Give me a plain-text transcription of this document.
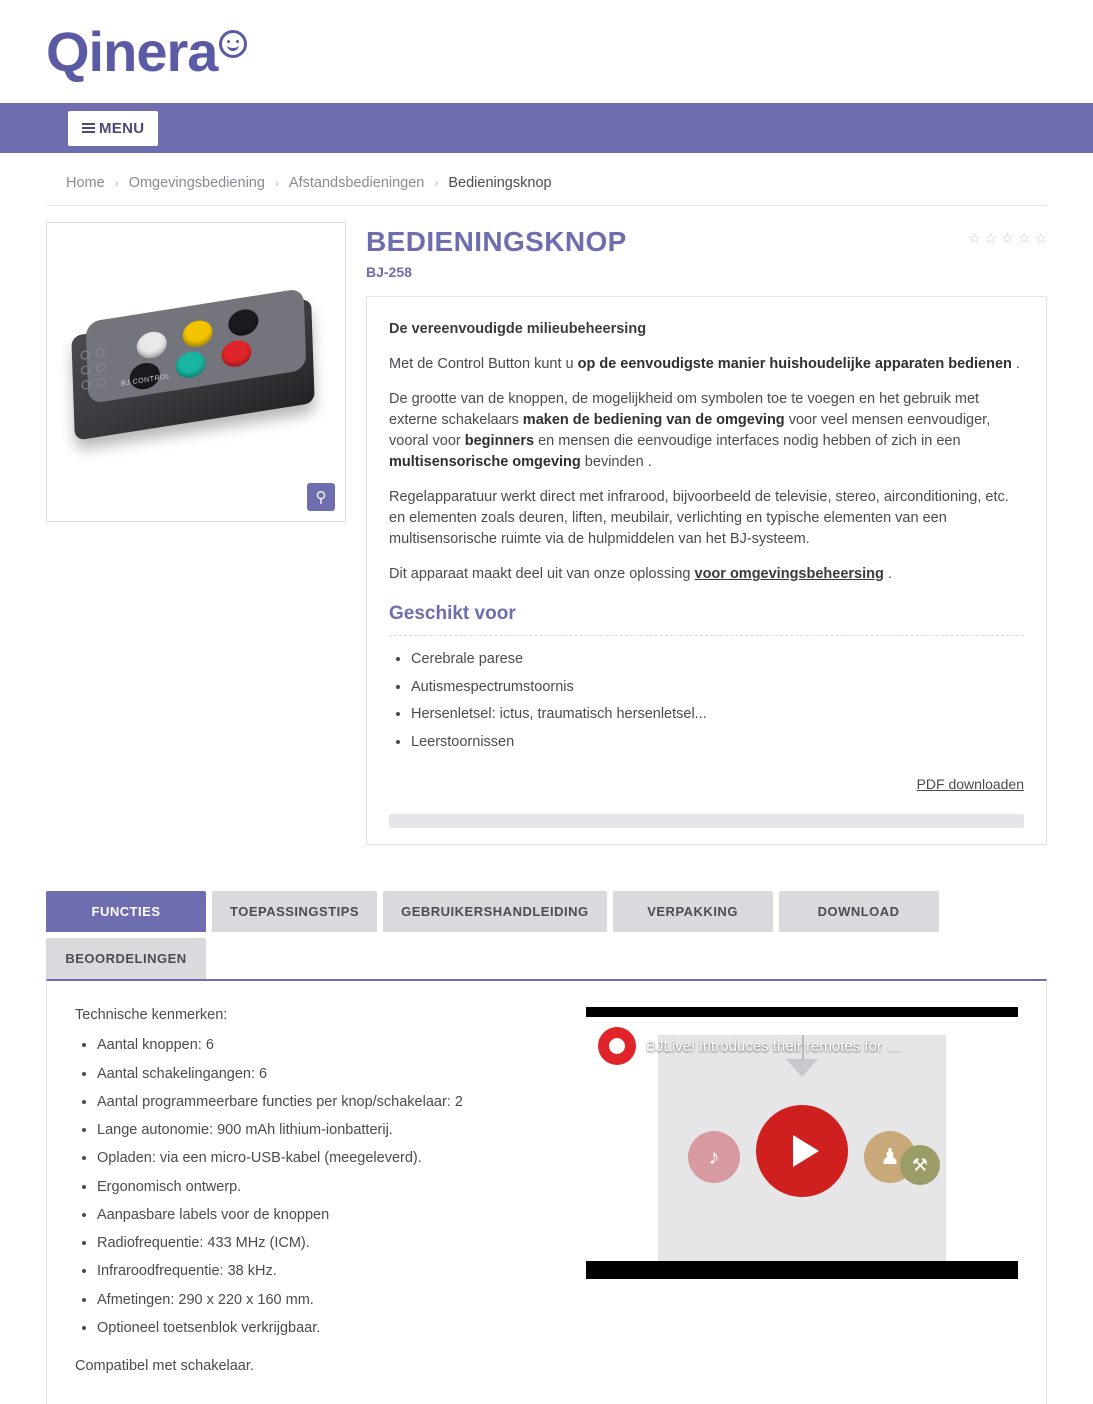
Qinera
MENU
Home › Omgevingsbediening › Afstandsbedieningen › Bedieningsknop
BJ CONTROL
⚲
BEDIENINGSKNOP
BJ-258
☆ ☆ ☆ ☆ ☆

De vereenvoudigde milieubeheersing

Met de Control Button kunt u op de eenvoudigste manier huishoudelijke apparaten bedienen .

De grootte van de knoppen, de mogelijkheid om symbolen toe te voegen en het gebruik met externe schakelaars maken de bediening van de omgeving voor veel mensen eenvoudiger, vooral voor beginners en mensen die eenvoudige interfaces nodig hebben of zich in een multisensorische omgeving bevinden .

Regelapparatuur werkt direct met infrarood, bijvoorbeeld de televisie, stereo, airconditioning, etc. en elementen zoals deuren, liften, meubilair, verlichting en typische elementen van een multisensorische ruimte via de hulpmiddelen van het BJ-systeem.

Dit apparaat maakt deel uit van onze oplossing voor omgevingsbeheersing .

Geschikt voor
• Cerebrale parese
• Autismespectrumstoornis
• Hersenletsel: ictus, traumatisch hersenletsel...
• Leerstoornissen
PDF downloaden
FUNCTIES	TOEPASSINGSTIPS	GEBRUIKERSHANDLEIDING	VERPAKKING	DOWNLOAD
BEOORDELINGEN

Technische kenmerken:

• Aantal knoppen: 6
• Aantal schakelingangen: 6
• Aantal programmeerbare functies per knop/schakelaar: 2
• Lange autonomie: 900 mAh lithium-ionbatterij.
• Opladen: via een micro-USB-kabel (meegeleverd).
• Ergonomisch ontwerp.
• Aanpasbare labels voor de knoppen
• Radiofrequentie: 433 MHz (ICM).
• Infraroodfrequentie: 38 kHz.
• Afmetingen: 290 x 220 x 160 mm.
• Optioneel toetsenblok verkrijgbaar.

Compatibel met schakelaar.

♪	♟ ⚒
BJLive! introduces their remotes for …
